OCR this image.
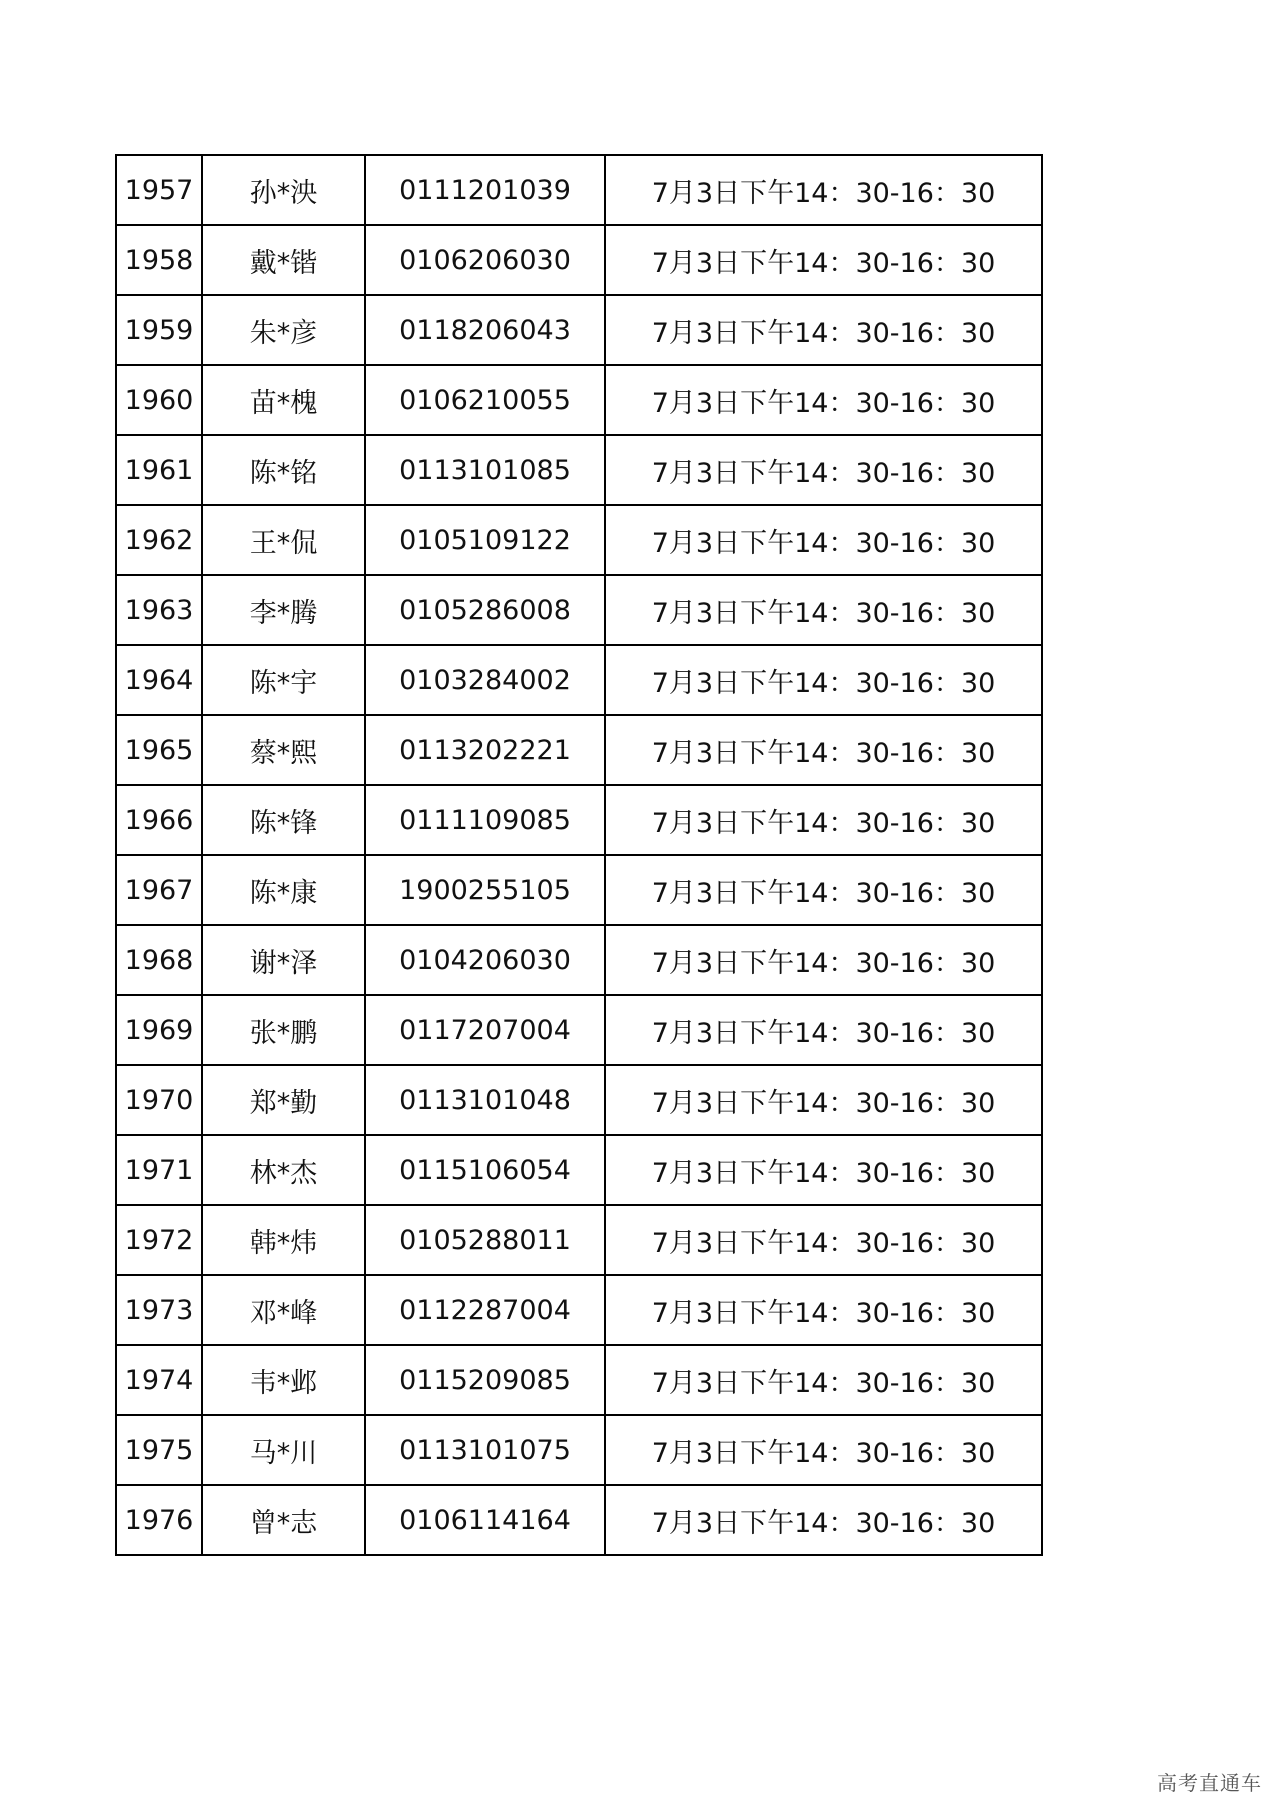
1957	孙*泱	0111201039	7月3日下午14：30-16：30
1958	戴*锴	0106206030	7月3日下午14：30-16：30
1959	朱*彦	0118206043	7月3日下午14：30-16：30
1960	苗*槐	0106210055	7月3日下午14：30-16：30
1961	陈*铭	0113101085	7月3日下午14：30-16：30
1962	王*侃	0105109122	7月3日下午14：30-16：30
1963	李*腾	0105286008	7月3日下午14：30-16：30
1964	陈*宇	0103284002	7月3日下午14：30-16：30
1965	蔡*熙	0113202221	7月3日下午14：30-16：30
1966	陈*锋	0111109085	7月3日下午14：30-16：30
1967	陈*康	1900255105	7月3日下午14：30-16：30
1968	谢*泽	0104206030	7月3日下午14：30-16：30
1969	张*鹏	0117207004	7月3日下午14：30-16：30
1970	郑*勤	0113101048	7月3日下午14：30-16：30
1971	林*杰	0115106054	7月3日下午14：30-16：30
1972	韩*炜	0105288011	7月3日下午14：30-16：30
1973	邓*峰	0112287004	7月3日下午14：30-16：30
1974	韦*邺	0115209085	7月3日下午14：30-16：30
1975	马*川	0113101075	7月3日下午14：30-16：30
1976	曾*志	0106114164	7月3日下午14：30-16：30
高考直通车
